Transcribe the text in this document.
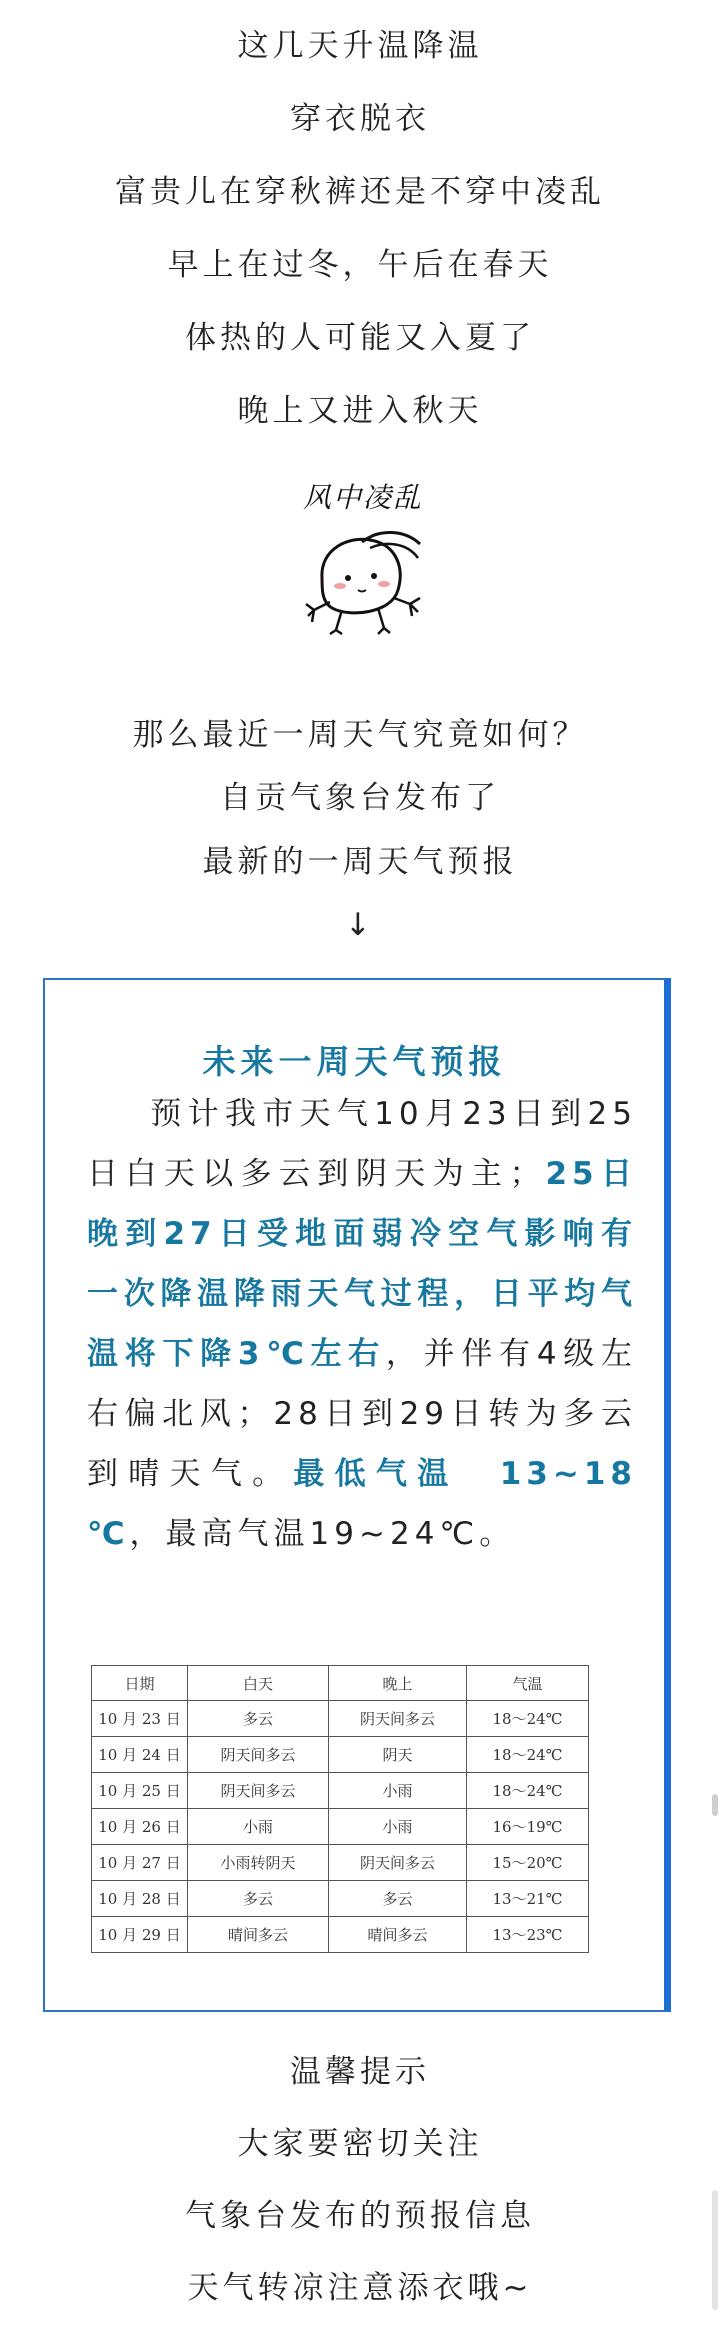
这几天升温降温
穿衣脱衣
富贵儿在穿秋裤还是不穿中凌乱
早上在过冬，午后在春天
体热的人可能又入夏了
晚上又进入秋天
风中凌乱
那么最近一周天气究竟如何？
自贡气象台发布了
最新的一周天气预报
↓
未来一周天气预报
预计我市天气10月23日到25日白天以多云到阴天为主；25日晚到27日受地面弱冷空气影响有一次降温降雨天气过程，日平均气温将下降3℃左右，并伴有4级左右偏北风；28日到29日转为多云到晴天气。最低气温　13~18 ℃，最高气温19~24℃。
日期	白天	晚上	气温
10 月 23 日	多云	阴天间多云	18～24℃
10 月 24 日	阴天间多云	阴天	18～24℃
10 月 25 日	阴天间多云	小雨	18～24℃
10 月 26 日	小雨	小雨	16～19℃
10 月 27 日	小雨转阴天	阴天间多云	15～20℃
10 月 28 日	多云	多云	13～21℃
10 月 29 日	晴间多云	晴间多云	13～23℃
温馨提示
大家要密切关注
气象台发布的预报信息
天气转凉注意添衣哦~
